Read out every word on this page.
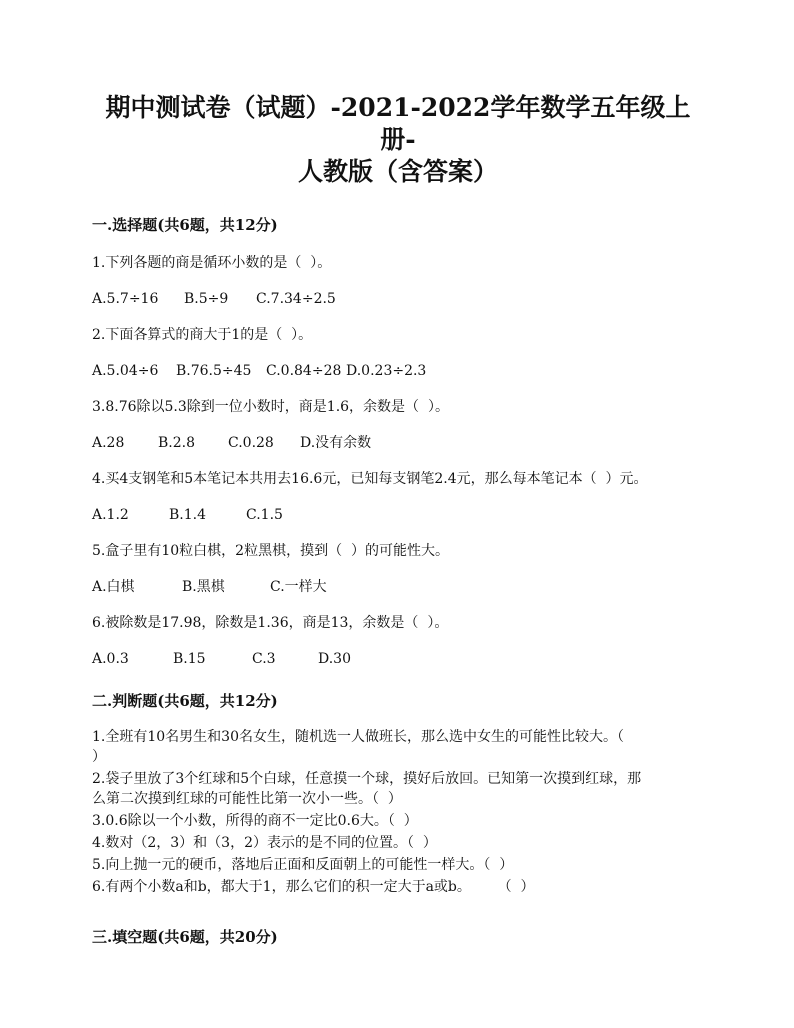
期中测试卷（试题）-2021-2022学年数学五年级上册-
人教版（含答案）
一.选择题(共6题，共12分)
1.下列各题的商是循环小数的是（  ）。
A.5.7÷16	B.5÷9	C.7.34÷2.5
2.下面各算式的商大于1的是（  ）。
A.5.04÷6	B.76.5÷45	C.0.84÷28 D.0.23÷2.3
3.8.76除以5.3除到一位小数时，商是1.6，余数是（  ）。
A.28	B.2.8	C.0.28	D.没有余数
4.买4支钢笔和5本笔记本共用去16.6元，已知每支钢笔2.4元，那么每本笔记本（  ）元。
A.1.2	B.1.4	C.1.5
5.盒子里有10粒白棋，2粒黑棋，摸到（  ）的可能性大。
A.白棋	B.黑棋	C.一样大
6.被除数是17.98，除数是1.36，商是13，余数是（  ）。
A.0.3	B.15	C.3	D.30
二.判断题(共6题，共12分)
1.全班有10名男生和30名女生，随机选一人做班长，那么选中女生的可能性比较大。（
）
2.袋子里放了3个红球和5个白球，任意摸一个球，摸好后放回。已知第一次摸到红球，那
么第二次摸到红球的可能性比第一次小一些。（  ）
3.0.6除以一个小数，所得的商不一定比0.6大。（  ）
4.数对（2，3）和（3，2）表示的是不同的位置。（  ）
5.向上抛一元的硬币，落地后正面和反面朝上的可能性一样大。（  ）
6.有两个小数a和b，都大于1，那么它们的积一定大于a或b。      （  ）
三.填空题(共6题，共20分)
